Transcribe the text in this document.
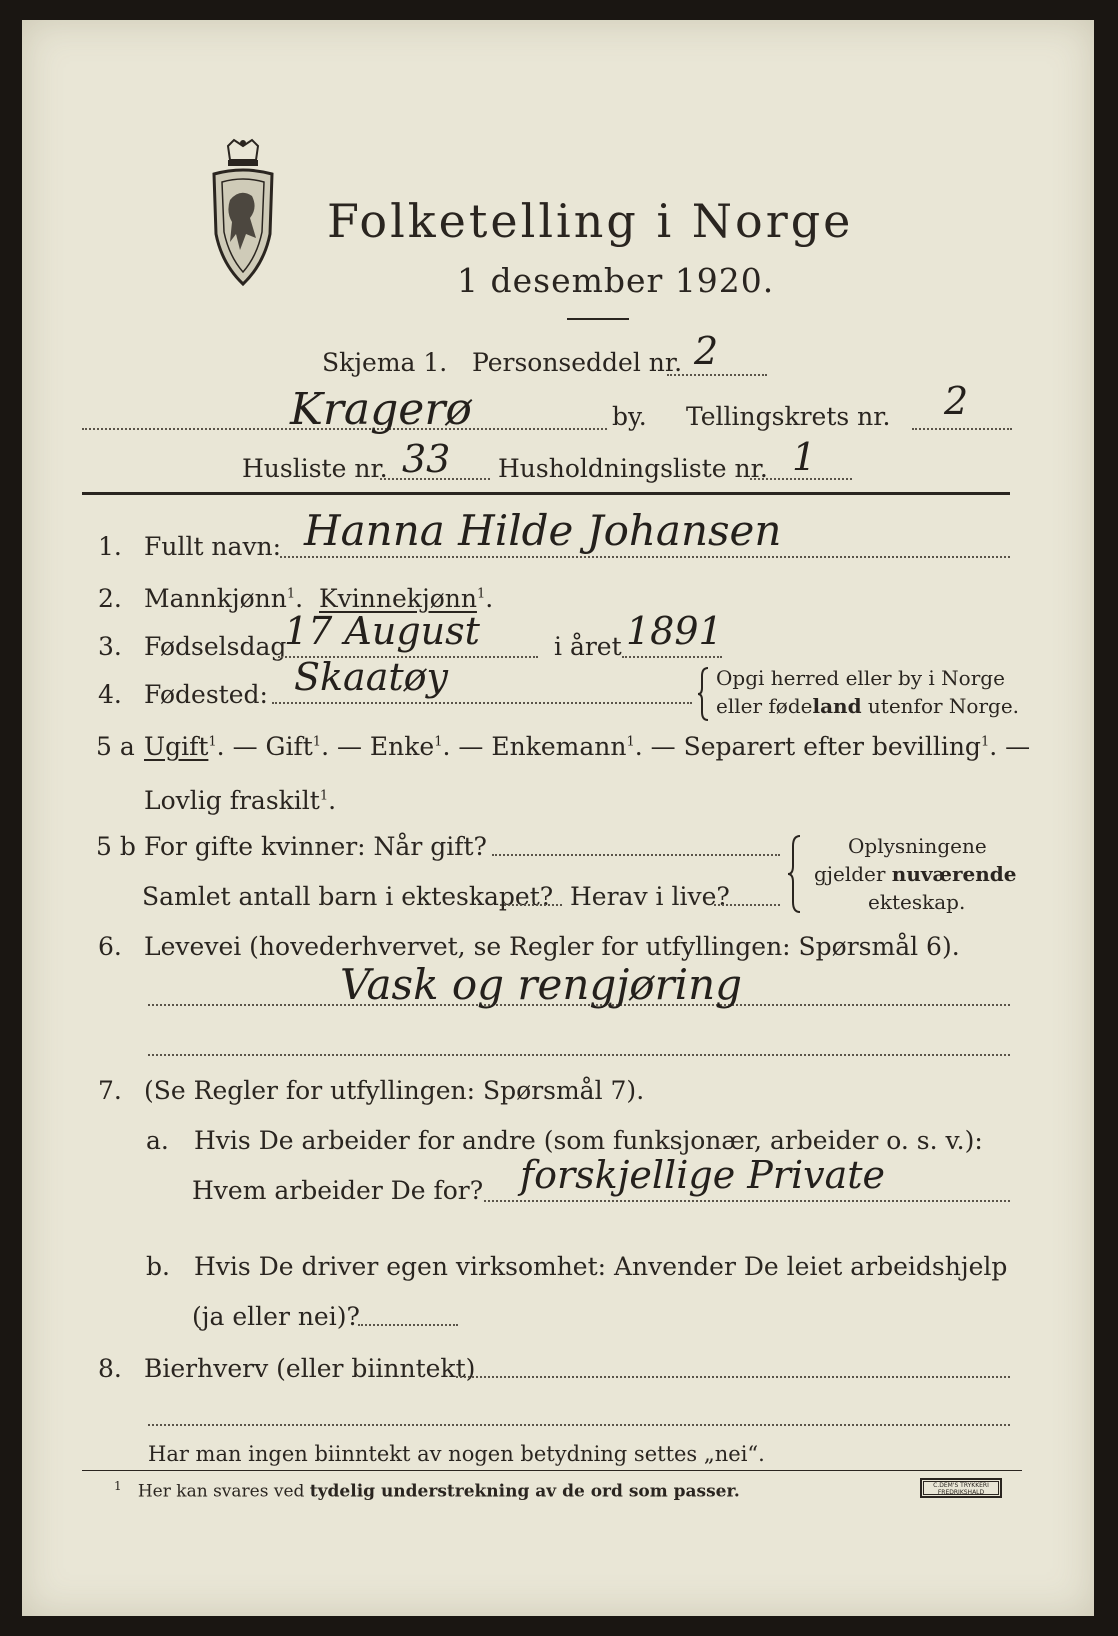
Folketelling i Norge
1 desember 1920.
Skjema 1. Personseddel nr. 2
Kragerø	by. Tellingskrets nr. 2
Husliste nr. 33 Husholdningsliste nr. 1
1. Fullt navn: Hanna Hilde Johansen
2. Mannkjønn$^1$. Kvinnekjønn$^1$.
3. Fødselsdag
17 August	i året 1891
4. Fødested: Skaatøy	Opgi herred eller by i Norge
eller fødeland utenfor Norge.
5 a Ugift$^1$. — Gift$^1$. — Enke$^1$. — Enkemann$^1$. — Separert efter bevilling$^1$. —
Lovlig fraskilt$^1$.
5 b For gifte kvinner: Når gift?
Samlet antall barn i ekteskapet? Herav i live?
Oplysningene
gjelder nuværende
ekteskap.
6. Levevei (hovederhvervet, se Regler for utfyllingen: Spørsmål 6).
Vask og rengjøring
7. (Se Regler for utfyllingen: Spørsmål 7).
a. Hvis De arbeider for andre (som funksjonær, arbeider o. s. v.):
Hvem arbeider De for? forskjellige Private
b. Hvis De driver egen virksomhet: Anvender De leiet arbeidshjelp
(ja eller nei)?
8. Bierhverv (eller biinntekt)
Har man ingen biinntekt av nogen betydning settes „nei“.
$^1$ Her kan svares ved tydelig understrekning av de ord som passer.	C.DEM'S TRYKKERI
FREDRIKSHALD
